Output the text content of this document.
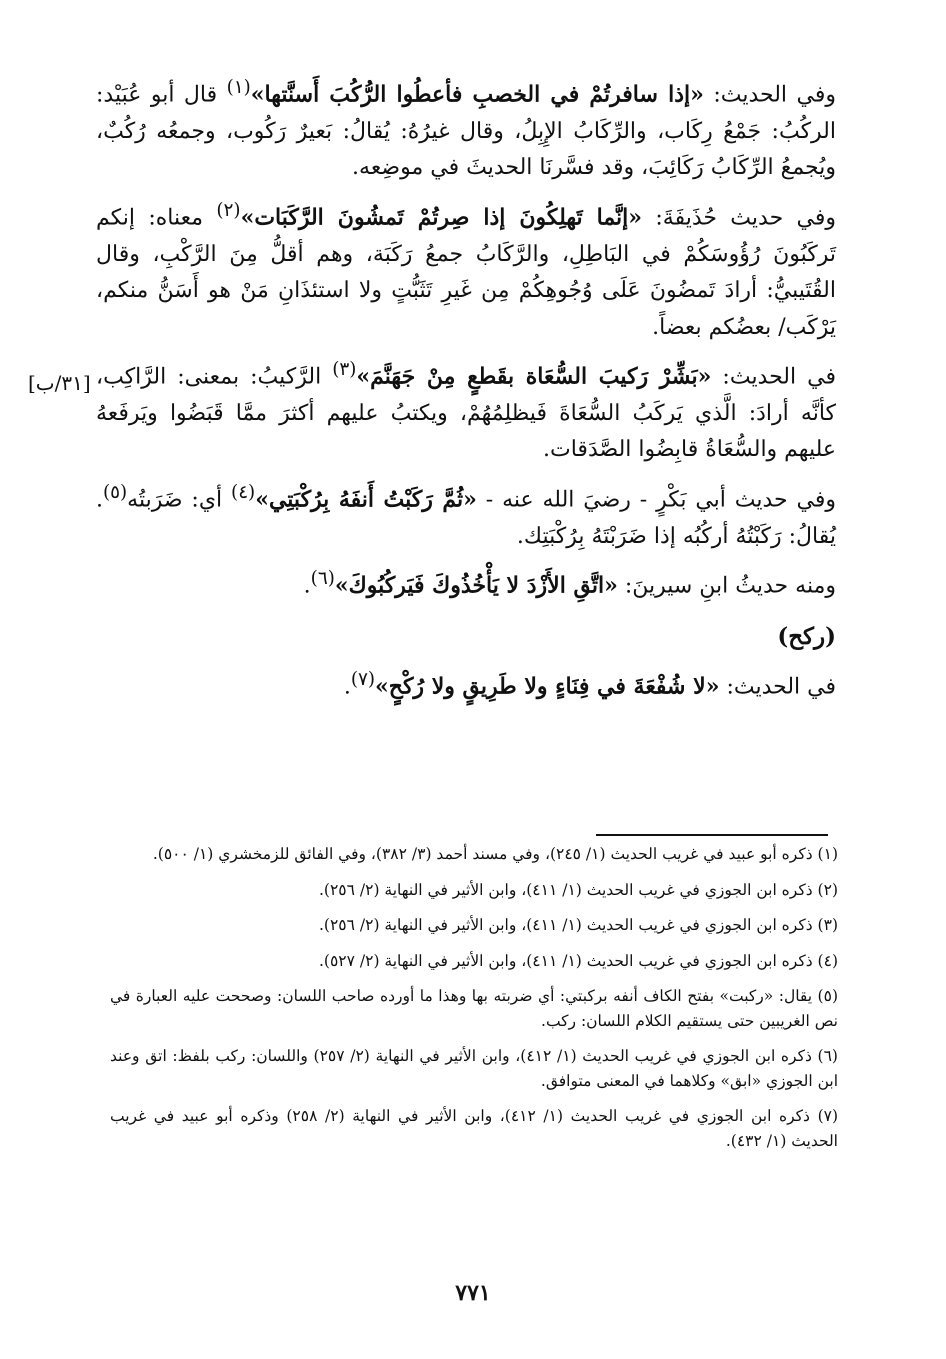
وفي الحديث: «إذا سافرتُمْ في الخصبِ فأعطُوا الرُّكُبَ أَسنَّتها»$^{(١)}$ قال أبو عُبَيْد: الركُبُ: جَمْعُ رِكَاب، والرِّكَابُ الإِبِلُ، وقال غيرُهُ: يُقالُ: بَعيرٌ رَكُوب، وجمعُه رُكُبٌ، ويُجمعُ الرِّكَابُ رَكَائِبَ، وقد فسَّرنَا الحديثَ في موضِعه.

وفي حديث حُذَيفَةَ: «إنَّما تَهلِكُونَ إذا صِرتُمْ تَمشُونَ الرَّكَبَات»$^{(٢)}$ معناه: إنكم تَركَبُونَ رُؤُوسَكُمْ في البَاطِلِ، والرَّكَابُ جمعُ رَكَبَة، وهم أقلُّ مِنَ الرَّكْبِ، وقال القُتَيبيُّ: أرادَ تَمضُونَ عَلَى وُجُوهِكُمْ مِن غَيرِ تَثَبُّتٍ ولا استئذَانِ مَنْ هو أَسَنُّ منكم، يَرْكَب/ بعضُكم بعضاً.

في الحديث: «بَشِّرْ رَكيبَ السُّعَاة بقَطعٍ مِنْ جَهَنَّمَ»$^{(٣)}$ الرَّكيبُ: بمعنى: الرَّاكِب، كأنَّه أرادَ: الَّذي يَركَبُ السُّعَاةَ فَيظلِمُهُمْ، ويكتبُ عليهم أكثرَ ممَّا قَبَضُوا ويَرفَعهُ عليهم والسُّعَاةُ قابِضُوا الصَّدَقات.

وفي حديث أبي بَكْرٍ - رضيَ الله عنه - «ثُمَّ رَكَبْتُ أَنفَهُ بِرُكْبَتِي»$^{(٤)}$ أي: ضَرَبتُه$^{(٥)}$. يُقالُ: رَكَبْتُهُ أركُبُه إذا ضَرَبْتَهُ بِرُكْبَتِك.

ومنه حديثُ ابنِ سيرينَ: «اتَّقِ الأَزْدَ لا يَأْخُذُوكَ فَيَركُبُوكَ»$^{(٦)}$.

(ركح)

في الحديث: «لا شُفْعَةَ في فِنَاءٍ ولا طَرِيقٍ ولا رُكْحٍ»$^{(٧)}$.

[٣١/ب]

(١) ذكره أبو عبيد في غريب الحديث (١/ ٢٤٥)، وفي مسند أحمد (٣/ ٣٨٢)، وفي الفائق للزمخشري (١/ ٥٠٠).

(٢) ذكره ابن الجوزي في غريب الحديث (١/ ٤١١)، وابن الأثير في النهاية (٢/ ٢٥٦).

(٣) ذكره ابن الجوزي في غريب الحديث (١/ ٤١١)، وابن الأثير في النهاية (٢/ ٢٥٦).

(٤) ذكره ابن الجوزي في غريب الحديث (١/ ٤١١)، وابن الأثير في النهاية (٢/ ٥٢٧).

(٥) يقال: «ركبت» بفتح الكاف أنفه بركبتي: أي ضربته بها وهذا ما أورده صاحب اللسان: وصححت عليه العبارة في نص الغريبين حتى يستقيم الكلام اللسان: ركب.

(٦) ذكره ابن الجوزي في غريب الحديث (١/ ٤١٢)، وابن الأثير في النهاية (٢/ ٢٥٧) واللسان: ركب بلفظ: اتق وعند ابن الجوزي «ابق» وكلاهما في المعنى متوافق.

(٧) ذكره ابن الجوزي في غريب الحديث (١/ ٤١٢)، وابن الأثير في النهاية (٢/ ٢٥٨) وذكره أبو عبيد في غريب الحديث (١/ ٤٣٢).

٧٧١
